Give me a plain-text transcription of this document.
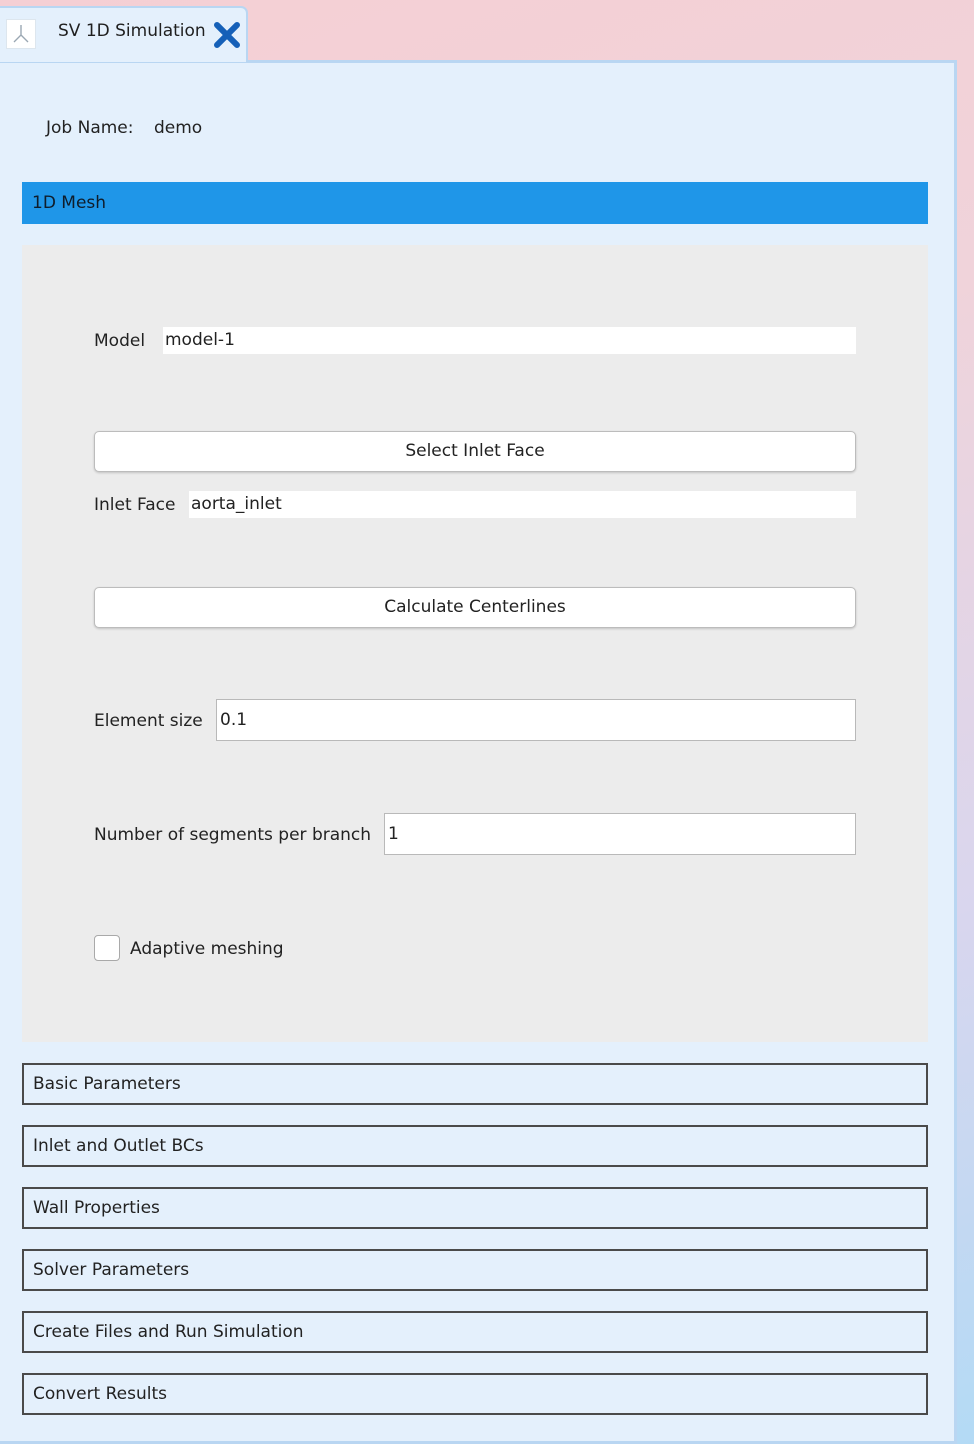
SV 1D Simulation
Job Name: demo
1D Mesh
Model model-1
Select Inlet Face
Inlet Face aorta_inlet
Calculate Centerlines
Element size 0.1
Number of segments per branch 1
Adaptive meshing
Basic Parameters
Inlet and Outlet BCs
Wall Properties
Solver Parameters
Create Files and Run Simulation
Convert Results
